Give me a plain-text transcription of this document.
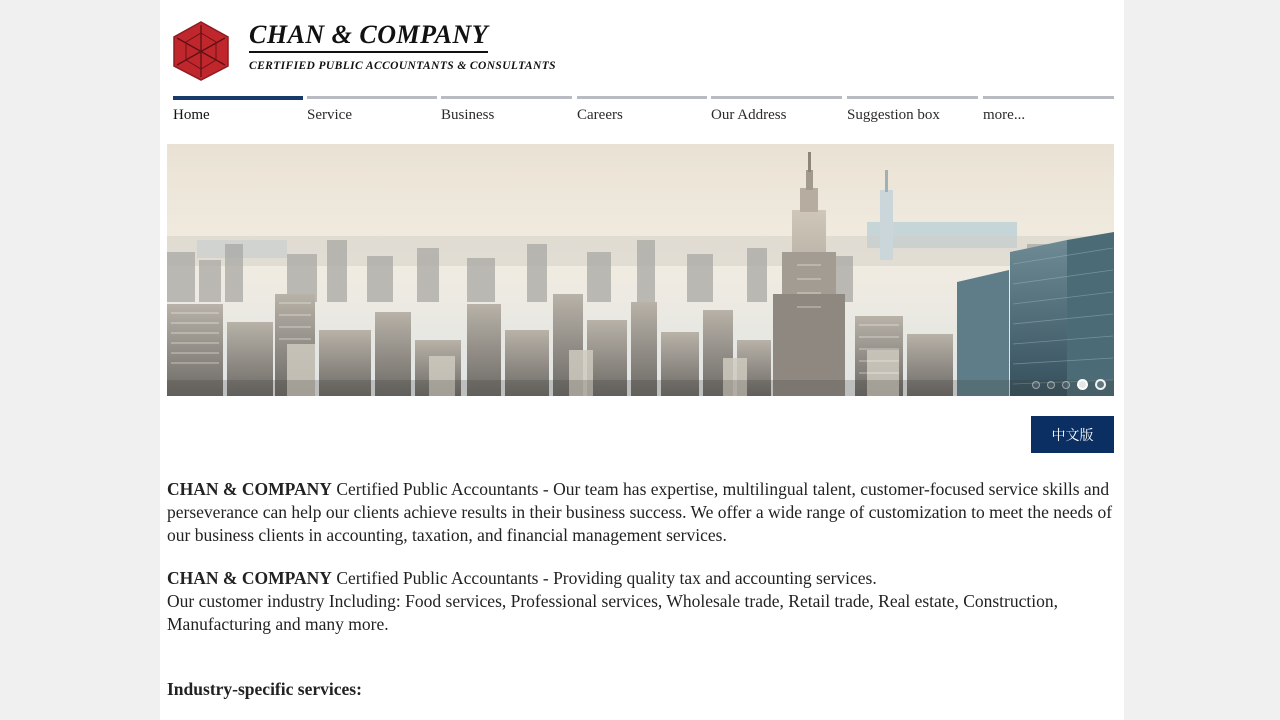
CHAN & COMPANY
CERTIFIED PUBLIC ACCOUNTANTS & CONSULTANTS
Home	Service	Business	Careers	Our Address	Suggestion box	more...
中文版

CHAN & COMPANY Certified Public Accountants - Our team has expertise, multilingual talent, customer-focused service skills and perseverance can help our clients achieve results in their business success. We offer a wide range of customization to meet the needs of our business clients in accounting, taxation, and financial management services.

CHAN & COMPANY Certified Public Accountants - Providing quality tax and accounting services.

Our customer industry Including: Food services, Professional services, Wholesale trade, Retail trade, Real estate, Construction, Manufacturing and many more.

Industry-specific services:
